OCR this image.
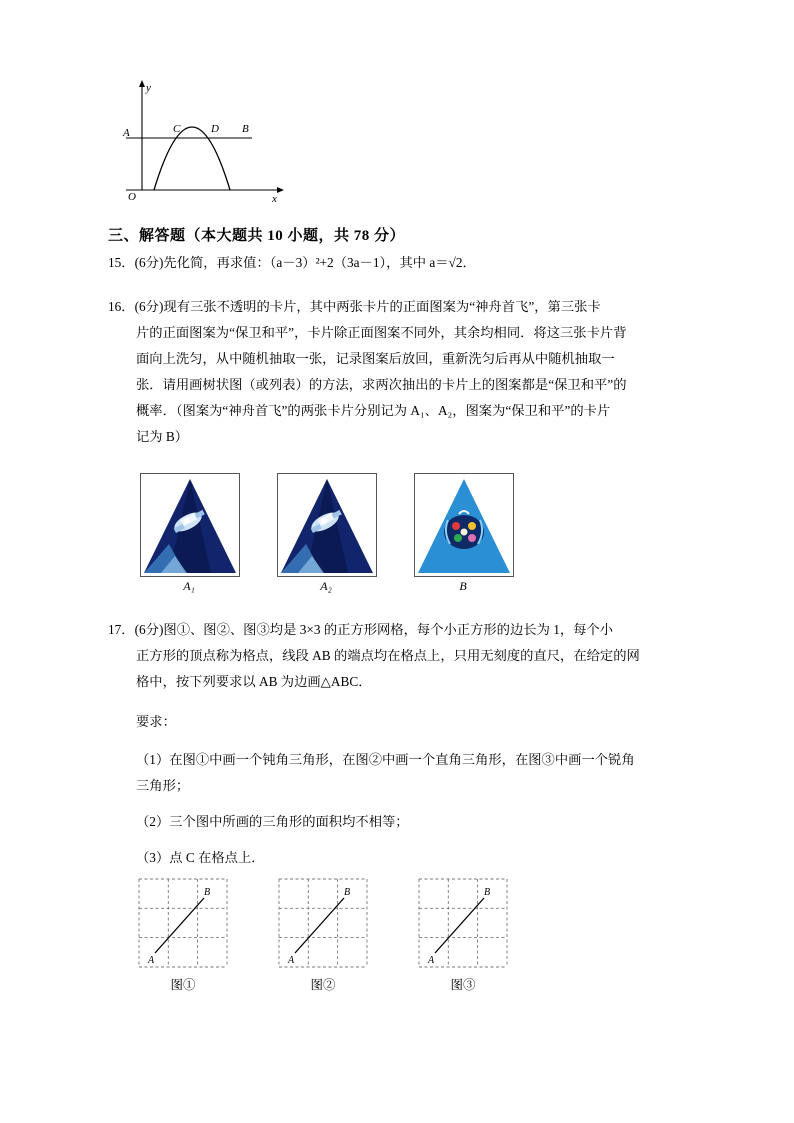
y
x
O
A	C	D B
三、解答题（本大题共 10 小题，共 78 分）
15．(6分)先化简，再求值：（a－3）²+2（3a－1），其中 a＝√2．
16．(6分)现有三张不透明的卡片，其中两张卡片的正面图案为“神舟首飞”，第三张卡
片的正面图案为“保卫和平”，卡片除正面图案不同外，其余均相同．将这三张卡片背
面向上洗匀，从中随机抽取一张，记录图案后放回，重新洗匀后再从中随机抽取一
张．请用画树状图（或列表）的方法，求两次抽出的卡片上的图案都是“保卫和平”的
概率．（图案为“神舟首飞”的两张卡片分别记为 A₁、A₂，图案为“保卫和平”的卡片
记为 B）
A₁	A₂	B
17．(6分)图①、图②、图③均是 3×3 的正方形网格，每个小正方形的边长为 1，每个小
正方形的顶点称为格点，线段 AB 的端点均在格点上，只用无刻度的直尺，在给定的网
格中，按下列要求以 AB 为边画△ABC．
要求：
（1）在图①中画一个钝角三角形，在图②中画一个直角三角形，在图③中画一个锐角
三角形；
（2）三个图中所画的三角形的面积均不相等；
（3）点 C 在格点上．
A
B
A
B
A
B
图①	图②	图③
